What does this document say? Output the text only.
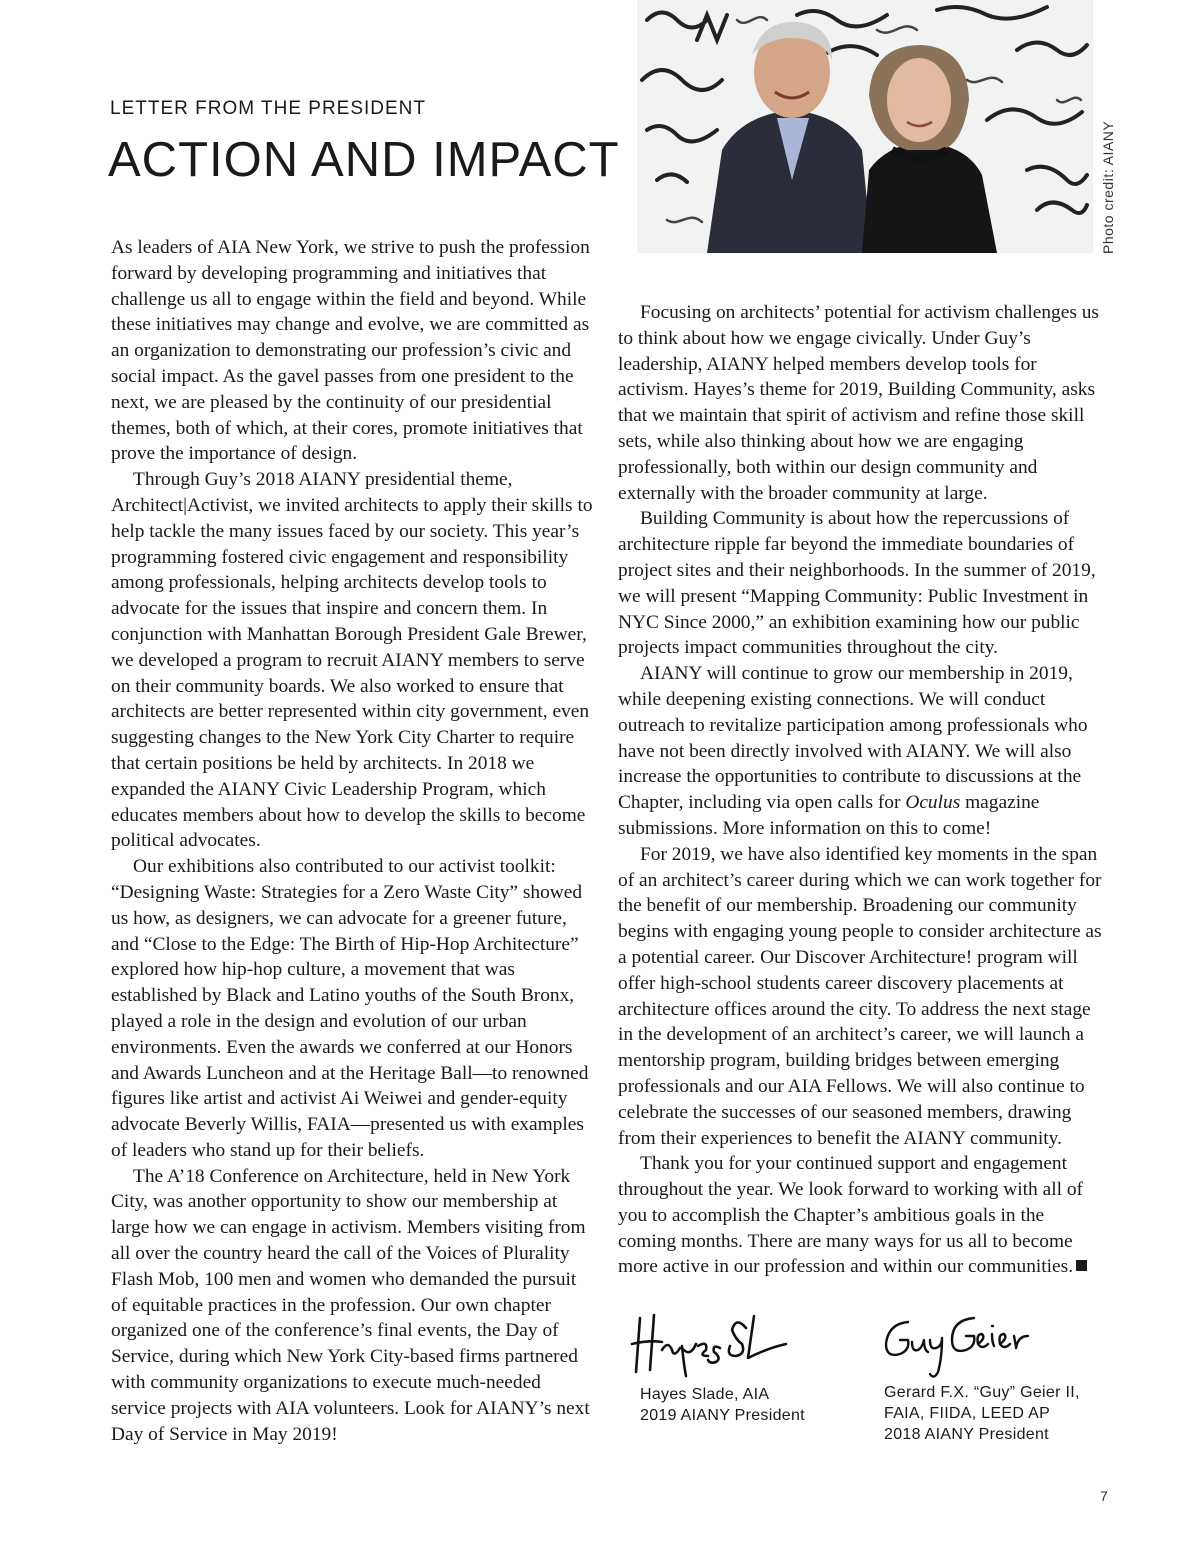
LETTER FROM THE PRESIDENT
ACTION AND IMPACT	Photo credit: AIANY

As leaders of AIA New York, we strive to push the profession forward by developing programming and initiatives that challenge us all to engage within the field and beyond. While these initiatives may change and evolve, we are committed as an organization to demonstrating our profession’s civic and social impact. As the gavel passes from one president to the next, we are pleased by the continuity of our presidential themes, both of which, at their cores, promote initiatives that prove the importance of design.

Through Guy’s 2018 AIANY presidential theme, Architect|Activist, we invited architects to apply their skills to help tackle the many issues faced by our society. This year’s programming fostered civic engagement and responsibility among professionals, helping architects develop tools to advocate for the issues that inspire and concern them. In conjunction with Manhattan Borough President Gale Brewer, we developed a program to recruit AIANY members to serve on their community boards. We also worked to ensure that architects are better represented within city government, even suggesting changes to the New York City Charter to require that certain positions be held by architects. In 2018 we expanded the AIANY Civic Leadership Program, which educates members about how to develop the skills to become political advocates.

Our exhibitions also contributed to our activist toolkit: “Designing Waste: Strategies for a Zero Waste City” showed us how, as designers, we can advocate for a greener future, and “Close to the Edge: The Birth of Hip-Hop Architecture” explored how hip-hop culture, a movement that was established by Black and Latino youths of the South Bronx, played a role in the design and evolution of our urban environments. Even the awards we conferred at our Honors and Awards Luncheon and at the Heritage Ball—to renowned figures like artist and activist Ai Weiwei and gender-equity advocate Beverly Willis, FAIA—presented us with examples of leaders who stand up for their beliefs.

The A’18 Conference on Architecture, held in New York City, was another opportunity to show our membership at large how we can engage in activism. Members visiting from all over the country heard the call of the Voices of Plurality Flash Mob, 100 men and women who demanded the pursuit of equitable practices in the profession. Our own chapter organized one of the conference’s final events, the Day of Service, during which New York City-based firms partnered with community organizations to execute much-needed service projects with AIA volunteers. Look for AIANY’s next Day of Service in May 2019!

Focusing on architects’ potential for activism challenges us to think about how we engage civically. Under Guy’s leadership, AIANY helped members develop tools for activism. Hayes’s theme for 2019, Building Community, asks that we maintain that spirit of activism and refine those skill sets, while also thinking about how we are engaging professionally, both within our design community and externally with the broader community at large.

Building Community is about how the repercussions of architecture ripple far beyond the immediate boundaries of project sites and their neighborhoods. In the summer of 2019, we will present “Mapping Community: Public Investment in NYC Since 2000,” an exhibition examining how our public projects impact communities throughout the city.

AIANY will continue to grow our membership in 2019, while deepening existing connections. We will conduct outreach to revitalize participation among professionals who have not been directly involved with AIANY. We will also increase the opportunities to contribute to discussions at the Chapter, including via open calls for Oculus magazine submissions. More information on this to come!

For 2019, we have also identified key moments in the span of an architect’s career during which we can work together for the benefit of our membership. Broadening our community begins with engaging young people to consider architecture as a potential career. Our Discover Architecture! program will offer high-school students career discovery placements at architecture offices around the city. To address the next stage in the development of an architect’s career, we will launch a mentorship program, building bridges between emerging professionals and our AIA Fellows. We will also continue to celebrate the successes of our seasoned members, drawing from their experiences to benefit the AIANY community.

Thank you for your continued support and engagement throughout the year. We look forward to working with all of you to accomplish the Chapter’s ambitious goals in the coming months. There are many ways for us all to become more active in our profession and within our communities.

Hayes Slade, AIA
2019 AIANY President
Gerard F.X. “Guy” Geier II,
FAIA, FIIDA, LEED AP
2018 AIANY President
7
